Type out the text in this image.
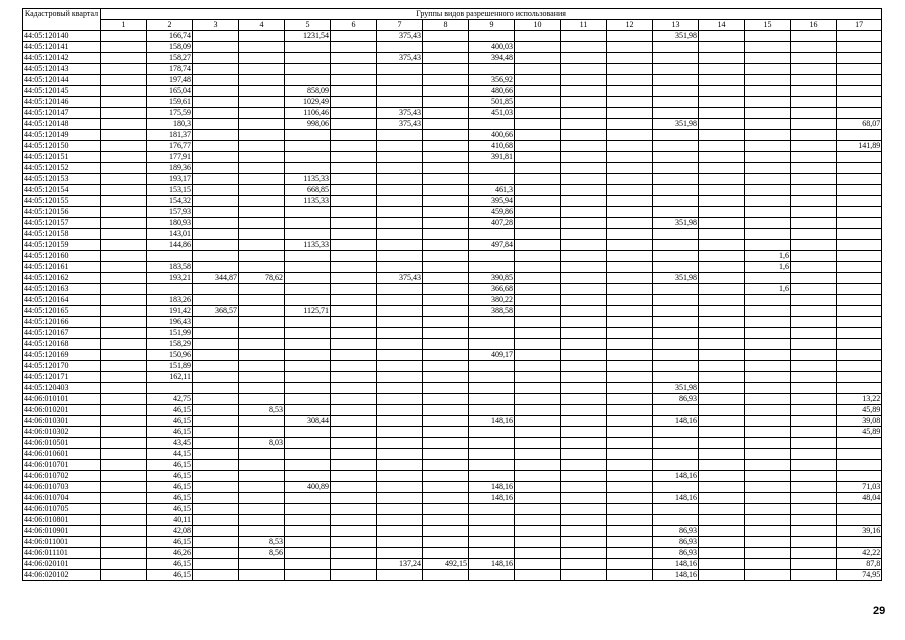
Кадастровый квартал	Группы видов разрешенного использования																
	1	2	3	4	5	6	7	8	9	10	11	12	13	14	15	16	17
44:05:120140		166,74			1231,54		375,43						351,98				
44:05:120141		158,09							400,03								
44:05:120142		158,27					375,43		394,48								
44:05:120143		178,74															
44:05:120144		197,48							356,92								
44:05:120145		165,04			858,09				480,66								
44:05:120146		159,61			1029,49				501,85								
44:05:120147		175,59			1106,46		375,43		451,03								
44:05:120148		180,3			998,06		375,43						351,98				68,07
44:05:120149		181,37							400,66								
44:05:120150		176,77							410,68								141,89
44:05:120151		177,91							391,81								
44:05:120152		189,36															
44:05:120153		193,17			1135,33												
44:05:120154		153,15			668,85				461,3								
44:05:120155		154,32			1135,33				395,94								
44:05:120156		157,93							459,86								
44:05:120157		180,93							407,28				351,98				
44:05:120158		143,01															
44:05:120159		144,86			1135,33				497,84								
44:05:120160															1,6		
44:05:120161		183,58													1,6		
44:05:120162		193,21	344,87	78,62			375,43		390,85				351,98				
44:05:120163									366,68						1,6		
44:05:120164		183,26							380,22								
44:05:120165		191,42	368,57		1125,71				388,58								
44:05:120166		196,43															
44:05:120167		151,99															
44:05:120168		158,29															
44:05:120169		150,96							409,17								
44:05:120170		151,89															
44:05:120171		162,11															
44:05:120403													351,98				
44:06:010101		42,75											86,93				13,22
44:06:010201		46,15		8,53													45,89
44:06:010301		46,15			308,44				148,16				148,16				39,08
44:06:010302		46,15															45,89
44:06:010501		43,45		8,03													
44:06:010601		44,15															
44:06:010701		46,15															
44:06:010702		46,15											148,16				
44:06:010703		46,15			400,89				148,16								71,03
44:06:010704		46,15							148,16				148,16				48,04
44:06:010705		46,15															
44:06:010801		40,11															
44:06:010901		42,08											86,93				39,16
44:06:011001		46,15		8,53									86,93				
44:06:011101		46,26		8,56									86,93				42,22
44:06:020101		46,15					137,24	492,15	148,16				148,16				87,8
44:06:020102		46,15											148,16				74,95
29
